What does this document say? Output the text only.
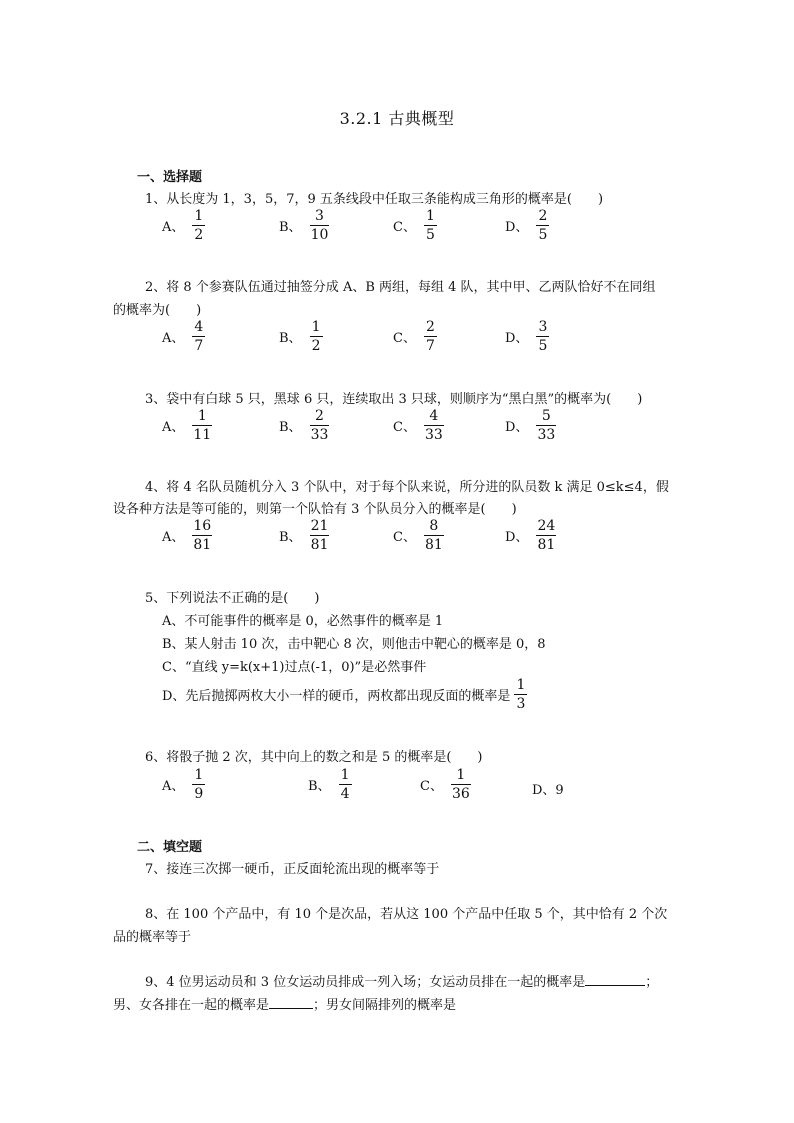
3.2.1 古典概型
一、选择题
1、从长度为 1，3，5，7，9 五条线段中任取三条能构成三角形的概率是(　　)
A、 $\frac{1}{2}$	B、 $\frac{3}{10}$	C、 $\frac{1}{5}$	D、 $\frac{2}{5}$
2、将 8 个参赛队伍通过抽签分成 A、B 两组，每组 4 队，其中甲、乙两队恰好不在同组
的概率为(　　)
A、 $\frac{4}{7}$	B、 $\frac{1}{2}$	C、 $\frac{2}{7}$	D、 $\frac{3}{5}$
3、袋中有白球 5 只，黑球 6 只，连续取出 3 只球，则顺序为“黑白黑”的概率为(　　)
A、 $\frac{1}{11}$	B、 $\frac{2}{33}$	C、 $\frac{4}{33}$	D、 $\frac{5}{33}$
4、将 4 名队员随机分入 3 个队中，对于每个队来说，所分进的队员数 k 满足 0≤k≤4，假
设各种方法是等可能的，则第一个队恰有 3 个队员分入的概率是(　　)
A、 $\frac{16}{81}$	B、 $\frac{21}{81}$	C、 $\frac{8}{81}$	D、 $\frac{24}{81}$
5、下列说法不正确的是(　　)
A、不可能事件的概率是 0，必然事件的概率是 1
B、某人射击 10 次，击中靶心 8 次，则他击中靶心的概率是 0，8
C、“直线 y=k(x+1)过点(-1，0)”是必然事件
D、先后抛掷两枚大小一样的硬币，两枚都出现反面的概率是 $\frac{1}{3}$
6、将骰子抛 2 次，其中向上的数之和是 5 的概率是(　　)
A、 $\frac{1}{9}$	B、 $\frac{1}{4}$	C、 $\frac{1}{36}$	D、9
二、填空题
7、接连三次掷一硬币，正反面轮流出现的概率等于
8、在 100 个产品中，有 10 个是次品，若从这 100 个产品中任取 5 个，其中恰有 2 个次
品的概率等于
9、4 位男运动员和 3 位女运动员排成一列入场；女运动员排在一起的概率是	；
男、女各排在一起的概率是	；男女间隔排列的概率是
